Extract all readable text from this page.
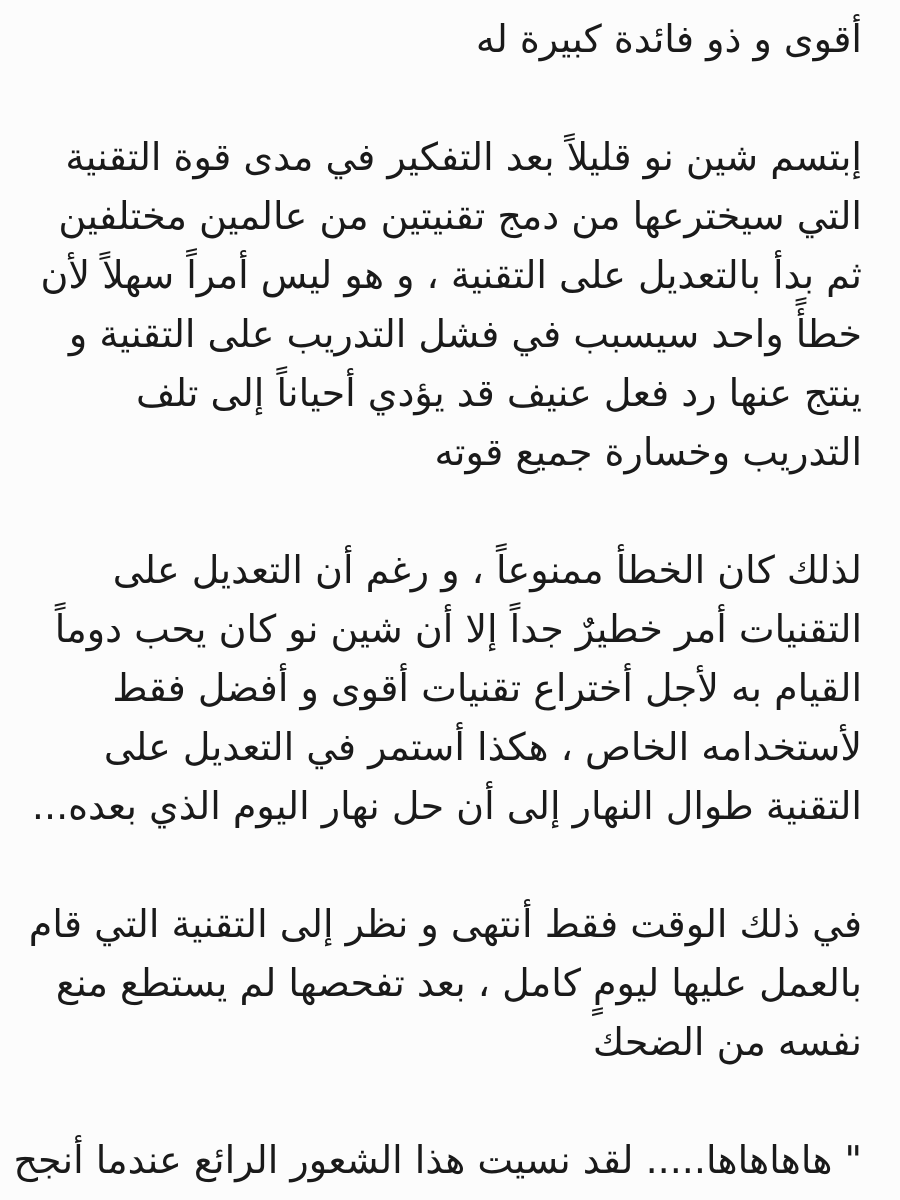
أقوى و ذو فائدة كبيرة له

إبتسم شين نو قليلاً بعد التفكير في مدى قوة التقنية
التي سيخترعها من دمج تقنيتين من عالمين مختلفين
ثم بدأ بالتعديل على التقنية ، و هو ليس أمراً سهلاً لأن
خطأً واحد سيسبب في فشل التدريب على التقنية و
ينتج عنها رد فعل عنيف قد يؤدي أحياناً إلى تلف
التدريب وخسارة جميع قوته

لذلك كان الخطأ ممنوعاً ، و رغم أن التعديل على
التقنيات أمر خطيرٌ جداً إلا أن شين نو كان يحب دوماً
القيام به لأجل أختراع تقنيات أقوى و أفضل فقط
لأستخدامه الخاص ، هكذا أستمر في التعديل على
التقنية طوال النهار إلى أن حل نهار اليوم الذي بعده...

في ذلك الوقت فقط أنتهى و نظر إلى التقنية التي قام
بالعمل عليها ليومٍ كامل ، بعد تفحصها لم يستطع منع
نفسه من الضحك

" هاهاهاها..... لقد نسيت هذا الشعور الرائع عندما أنجح
